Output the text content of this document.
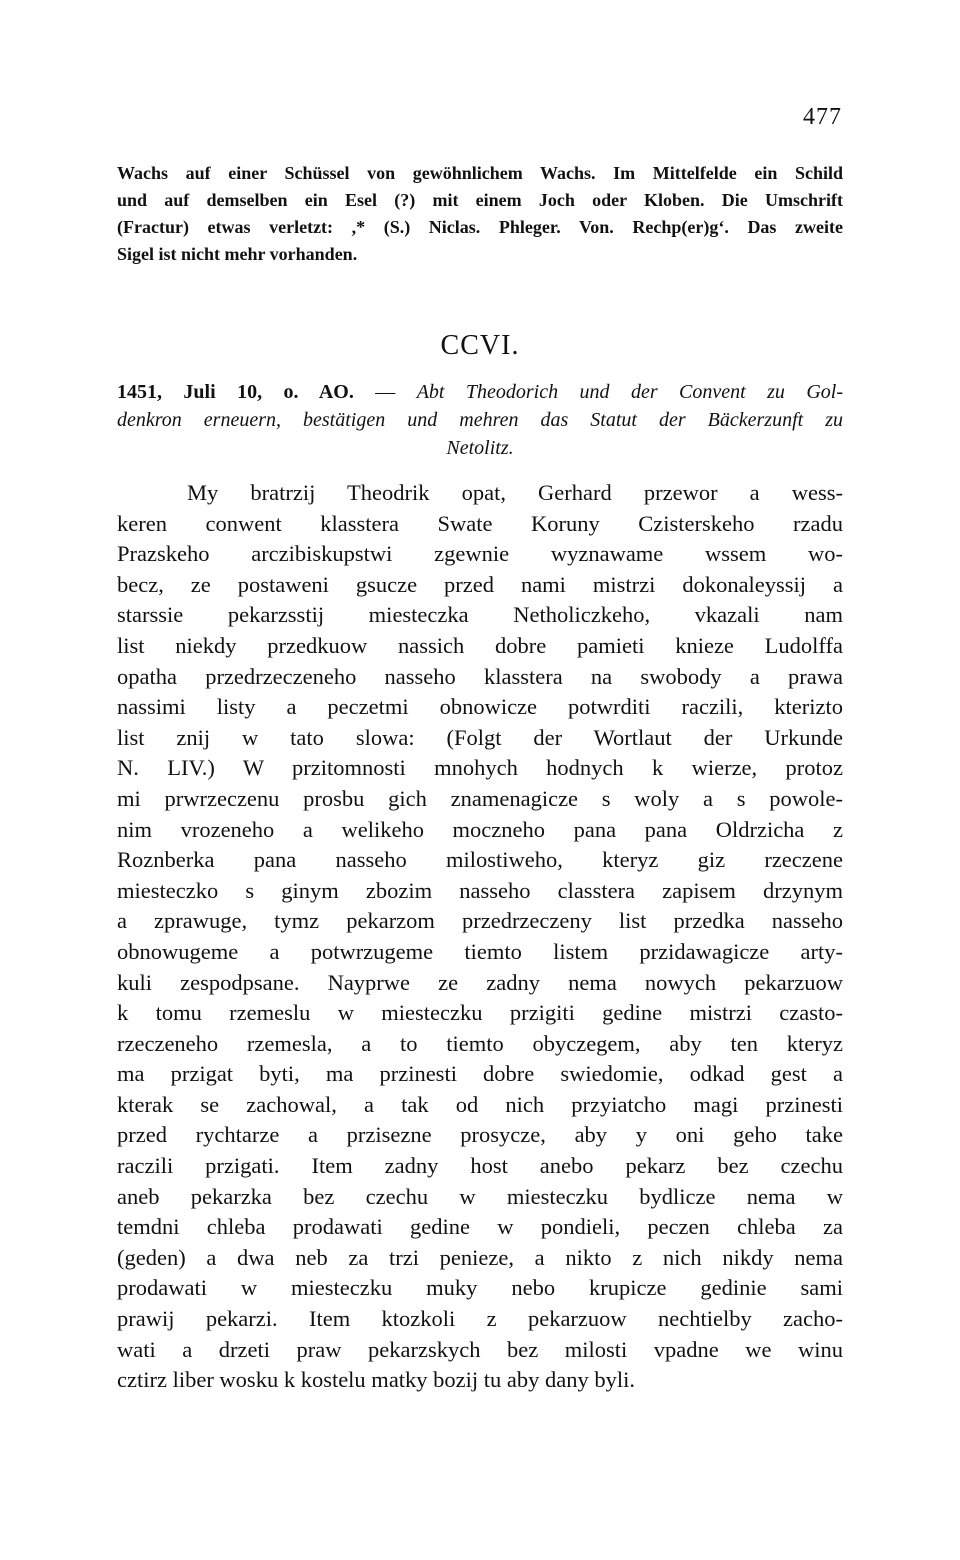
477
Wachs auf einer Schüssel von gewöhnlichem Wachs. Im Mittelfelde ein Schild
und auf demselben ein Esel (?) mit einem Joch oder Kloben. Die Umschrift
(Fractur) etwas verletzt: ,* (S.) Niclas. Phleger. Von. Rechp(er)g‘. Das zweite
Sigel ist nicht mehr vorhanden.
CCVI.
1451, Juli 10, o. AO. — Abt Theodorich und der Convent zu Gol-
denkron erneuern, bestätigen und mehren das Statut der Bäckerzunft zu
Netolitz.
My bratrzij Theodrik opat, Gerhard przewor a wess-
keren conwent klasstera Swate Koruny Czisterskeho rzadu
Prazskeho arczibiskupstwi zgewnie wyznawame wssem wo-
becz, ze postaweni gsucze przed nami mistrzi dokonaleyssij a
starssie pekarzsstij miesteczka Netholiczkeho, vkazali nam
list niekdy przedkuow nassich dobre pamieti knieze Ludolffa
opatha przedrzeczeneho nasseho klasstera na swobody a prawa
nassimi listy a peczetmi obnowicze potwrditi raczili, kterizto
list znij w tato slowa: (Folgt der Wortlaut der Urkunde
N. LIV.) W przitomnosti mnohych hodnych k wierze, protoz
mi prwrzeczenu prosbu gich znamenagicze s woly a s powole-
nim vrozeneho a welikeho moczneho pana pana Oldrzicha z
Roznberka pana nasseho milostiweho, kteryz giz rzeczene
miesteczko s ginym zbozim nasseho classtera zapisem drzynym
a zprawuge, tymz pekarzom przedrzeczeny list przedka nasseho
obnowugeme a potwrzugeme tiemto listem przidawagicze arty-
kuli zespodpsane. Nayprwe ze zadny nema nowych pekarzuow
k tomu rzemeslu w miesteczku przigiti gedine mistrzi czasto-
rzeczeneho rzemesla, a to tiemto obyczegem, aby ten kteryz
ma przigat byti, ma przinesti dobre swiedomie, odkad gest a
kterak se zachowal, a tak od nich przyiatcho magi przinesti
przed rychtarze a przisezne prosycze, aby y oni geho take
raczili przigati. Item zadny host anebo pekarz bez czechu
aneb pekarzka bez czechu w miesteczku bydlicze nema w
temdni chleba prodawati gedine w pondieli, peczen chleba za
(geden) a dwa neb za trzi penieze, a nikto z nich nikdy nema
prodawati w miesteczku muky nebo krupicze gedinie sami
prawij pekarzi. Item ktozkoli z pekarzuow nechtielby zacho-
wati a drzeti praw pekarzskych bez milosti vpadne we winu
cztirz liber wosku k kostelu matky bozij tu aby dany byli.
